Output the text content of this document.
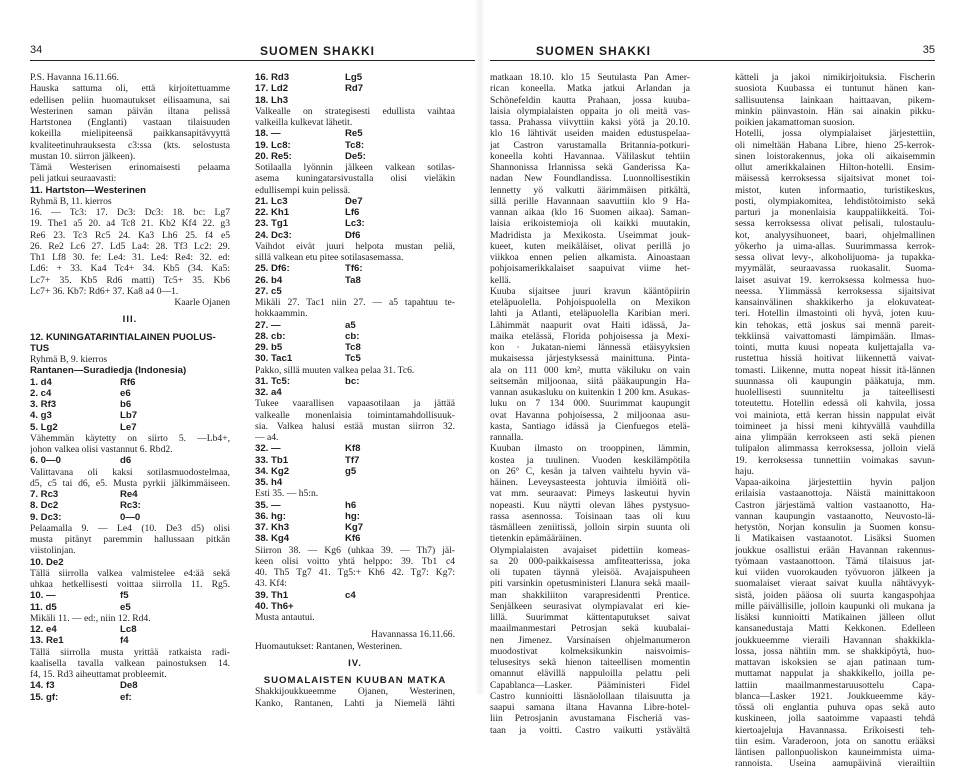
34	SUOMEN SHAKKI	SUOMEN SHAKKI	35
P.S. Havanna 16.11.66.
Hauska sattuma oli, että kirjoitettuamme
edellisen peliin huomautukset eilisaamuna, sai
Westerinen saman päivän iltana pelissä
Hartstonea (Englanti) vastaan tilaisuuden
kokeilla mielipiteensä paikkansapitävyyttä
kvaliteetinuhrauksesta c3:ssa (kts. selostusta
mustan 10. siirron jälkeen).
Tämä Westerisen erinomaisesti pelaama
peli jatkui seuraavasti:
11. Hartston—Westerinen
Ryhmä B, 11. kierros
16. — Tc3: 17. Dc3: Dc3: 18. bc: Lg7
19. The1 a5 20. a4 Tc8 21. Kb2 Kf4 22. g3
Re6 23. Tc3 Rc5 24. Ka3 Lh6 25. f4 e5
26. Re2 Lc6 27. Ld5 La4: 28. Tf3 Lc2: 29.
Th1 Lf8 30. fe: Le4: 31. Le4: Re4: 32. ed:
Ld6: + 33. Ka4 Tc4+ 34. Kb5 (34. Ka5:
Lc7+ 35. Kb5 Rd6 matti) Tc5+ 35. Kb6
Lc7+ 36. Kb7: Rd6+ 37. Ka8 a4 0—1.
Kaarle Ojanen
III.
12. KUNINGATARINTIALAINEN PUOLUS-
TUS
Ryhmä B, 9. kierros
Rantanen—Suradiedja (Indonesia)
1. d4	Rf6
2. c4	e6
3. Rf3	b6
4. g3	Lb7
5. Lg2	Le7
Vähemmän käytetty on siirto 5. —Lb4+,
johon valkea olisi vastannut 6. Rbd2.
6. 0—0	d6
Valittavana oli kaksi sotilasmuodostelmaa,
d5, c5 tai d6, e5. Musta pyrkii jälkimmäiseen.
7. Rc3	Re4
8. Dc2	Rc3:
9. Dc3:	0—0
Pelaamalla 9. — Le4 (10. De3 d5) olisi
musta pitänyt paremmin hallussaan pitkän
viistolinjan.
10. De2
Tällä siirrolla valkea valmistelee e4:ää sekä
uhkaa hetkellisesti voittaa siirrolla 11. Rg5.
10. —	f5
11. d5	e5
Mikäli 11. — ed:, niin 12. Rd4.
12. e4	Lc8
13. Re1	f4
Tällä siirrolla musta yrittää ratkaista radi-
kaalisella tavalla valkean painostuksen 14.
f4, 15. Rd3 aiheuttamat probleemit.
14. f3	De8
15. gf:	ef:
16. Rd3	Lg5
17. Ld2	Rd7
18. Lh3
Valkealle on strategisesti edullista vaihtaa
valkeilla kulkevat lähetit.
18. —	Re5
19. Lc8:	Tc8:
20. Re5:	De5:
Sotilaalla lyönnin jälkeen valkean sotilas-
asema kuningatarsivustalla olisi vieläkin
edullisempi kuin pelissä.
21. Lc3	De7
22. Kh1	Lf6
23. Tg1	Lc3:
24. Dc3:	Df6
Vaihdot eivät juuri helpota mustan peliä,
sillä valkean etu pitee sotilasasemassa.
25. Df6:	Tf6:
26. b4	Ta8
27. c5
Mikäli 27. Tac1 niin 27. — a5 tapahtuu te-
hokkaammin.
27. —	a5
28. cb:	cb:
29. b5	Tc8
30. Tac1	Tc5
Pakko, sillä muuten valkea pelaa 31. Tc6.
31. Tc5:	bc:
32. a4
Tukee vaarallisen vapaasotilaan ja jättää
valkealle monenlaisia toimintamahdollisuuk-
sia. Valkea halusi estää mustan siirron 32.
— a4.
32. —	Kf8
33. Tb1	Tf7
34. Kg2	g5
35. h4
Esti 35. — h5:n.
35. —	h6
36. hg:	hg:
37. Kh3	Kg7
38. Kg4	Kf6
Siirron 38. — Kg6 (uhkaa 39. — Th7) jäl-
keen olisi voitto yhtä helppo: 39. Tb1 c4
40. Th5 Tg7 41. Tg5:+ Kh6 42. Tg7: Kg7:
43. Kf4:
39. Th1	c4
40. Th6+
Musta antautui.
Havannassa 16.11.66.
Huomautukset: Rantanen, Westerinen.
IV.
SUOMALAISTEN KUUBAN MATKA
Shakkijoukkueemme Ojanen, Westerinen,
Kanko, Rantanen, Lahti ja Niemelä lähti
matkaan 18.10. klo 15 Seutulasta Pan Amer-
rican koneella. Matka jatkui Arlandan ja
Schönefeldin kautta Prahaan, jossa kuuba-
laisia olympialaisten oppaita jo oli meitä vas-
tassa. Prahassa viivyttiin kaksi yötä ja 20.10.
klo 16 lähtivät useiden maiden edustuspelaa-
jat Castron varustamalla Britannia-potkuri-
koneella kohti Havannaa. Välilaskut tehtiin
Shannonissa Irlannissa sekä Ganderissa Ka-
nadan New Foundlandissa. Luonnollisestikin
lennetty yö valkutti äärimmäisen pitkältä,
sillä perille Havannaan saavuttiin klo 9 Ha-
vannan aikaa (klo 16 Suomen aikaa). Saman-
laisia erikoistemioja oli kaikki muutakin,
Madridista ja Mexikosta. Useimmat jouk-
kueet, kuten meikäläiset, olivat perillä jo
viikkoa ennen pelien alkamista. Ainoastaan
pohjoisamerikkalaiset saapuivat viime het-
kellä.
Kuuba sijaitsee juuri kravun kääntöpiirin
eteläpuolella. Pohjoispuolella on Mexikon
lahti ja Atlanti, eteläpuolella Karibian meri.
Lähimmät naapurit ovat Haiti idässä, Ja-
maika etelässä, Florida pohjoisessa ja Mexi-
kon · Jukatan-niemi lännessä etäisyyksien
mukaisessa järjestyksessä mainittuna. Pinta-
ala on 111 000 km², mutta väkiluku on vain
seitsemän miljoonaa, siitä pääkaupungin Ha-
vannan asukasluku on kuitenkin 1 200 km. Asukas-
luku on 7 134 000. Suurimmat kaupungit
ovat Havanna pohjoisessa, 2 miljoonaa asu-
kasta, Santiago idässä ja Cienfuegos etelä-
rannalla.
Kuuban ilmasto on trooppinen, lämmin,
kostea ja tuulinen. Vuoden keskilämpötila
on 26° C, kesän ja talven vaihtelu hyvin vä-
häinen. Leveysasteesta johtuvia ilmiöitä oli-
vat mm. seuraavat: Pimeys laskeutui hyvin
nopeasti. Kuu näytti olevan lähes pystysuo-
rassa asennossa. Toisinaan taas oli kuu
täsmälleen zeniitissä, jolloin sirpin suunta oli
tietenkin epämääräinen.
Olympialaisten avajaiset pidettiin komeas-
sa 20 000-paikkaisessa amfiteatterissa, joka
oli tupaten täynnä yleisöä. Avajaispuheen
piti varsinkin opetusministeri Llanura sekä maail-
man shakkiliiton varapresidentti Prentice.
Senjälkeen seurasivat olympiavalat eri kie-
lillä. Suurimmat kättentaputukset saivat
maailmanmestari Petrosjan sekä kuubalai-
nen Jimenez. Varsinaisen ohjelmanumeron
muodostivat kolmeksikunkin naisvoimis-
telusesitys sekä hienon taiteellisen momentin
omannut elävillä nappuloilla pelattu peli
Capablanca—Lasker. Pääministeri Fidel
Castro kunnioitti läsnäolollaan tilaisuutta ja
saapui samana iltana Havanna Libre-hotel-
liin Petrosjanin avustamana Fischeriä vas-
taan ja voitti. Castro vaikutti ystävältä
kätteli ja jakoi nimikirjoituksia. Fischerin
suosiota Kuubassa ei tuntunut hänen kan-
sallisuutensa lainkaan haittaavan, pikem-
minkin päinvastoin. Hän sai ainakin pikku-
poikien jakamattoman suosion.
Hotelli, jossa olympialaiset järjestettiin,
oli nimeltään Habana Libre, hieno 25-kerrok-
sinen loistorakennus, joka oli aikaisemmin
ollut amerikkalainen Hilton-hotelli. Ensim-
mäisessä kerroksessa sijaitsivat monet toi-
mistot, kuten informaatio, turistikeskus,
posti, olympiakomitea, lehdistötoimisto sekä
parturi ja monenlaisia kauppaliikkeitä. Toi-
sessa kerroksessa olivat pelisali, tulostaulu-
kot, analyysihuoneet, baari, ohjelmallinen
yökerho ja uima-allas. Suurimmassa kerrok-
sessa olivat levy-, alkoholijuoma- ja tupakka-
myymälät, seuraavassa ruokasalit. Suoma-
laiset asuivat 19. kerroksessa kolmessa huo-
neessa. Ylimmässä kerroksessa sijaitsivat
kansainvälinen shakkikerho ja elokuvateat-
teri. Hotellin ilmastointi oli hyvä, joten kuu-
kin tehokas, että joskus sai mennä pareit-
tekkiinsä vaivattomasti lämpimään. Ilmas-
tointi, mutta kuusi nopeata kuljettajalla va-
rustettua hissiä hoitivat liikennettä vaivat-
tomasti. Liikenne, mutta nopeat hissit itä-lännen
suunnassa oli kaupungin pääkatuja, mm.
huolellisesti suunniteltu ja taiteellisesti
toteutettu. Hotellin edessä oli kahvila, jossa
voi mainiota, että kerran hissin nappulat eivät
toimineet ja hissi meni kihtyvällä vauhdilla
aina ylimpään kerrokseen asti sekä pienen
tulipalon alimmassa kerroksessa, jolloin vielä
19. kerroksessa tunnettiin voimakas savun-
haju.
Vapaa-aikoina järjestettiin hyvin paljon
erilaisia vastaanottoja. Näistä mainittakoon
Castron järjestämä valtion vastaanotto, Ha-
vannan kaupungin vastaanotto, Neuvosto-lä-
hetystön, Norjan konsulin ja Suomen konsu-
li Matikaisen vastaanotot. Lisäksi Suomen
joukkue osallistui erään Havannan rakennus-
työmaan vastaanottoon. Tämä tilaisuus jat-
kui viiden vuorokauden työvuoron jälkeen ja
suomalaiset vieraat saivat kuulla nähtävyyk-
sistä, joiden pääosa oli suurta kangaspohjaa
mille päivällisille, jolloin kaupunki oli mukana ja
lisäksi kunnioitti Matikainen jälleen ollut
kansanedustaja Matti Kekkonen. Edelleen
joukkueemme vieraili Havannan shakkikla-
lossa, jossa nähtiin mm. se shakkipöytä, huo-
mattavan iskoksien se ajan patinaan tum-
muttamat nappulat ja shakkikello, joilla pe-
lattiin maailmanmestaruusottelu Capa-
blanca—Lasker 1921. Joukkueemme käy-
tössä oli englantia puhuva opas sekä auto
kuskineen, jolla saatoimme vapaasti tehdä
kiertoajeluja Havannassa. Erikoisesti teh-
tiin esim. Varaderoon, jota on sanottu erääksi
läntisen pallonpuoliskon kauneimmista uima-
rannoista. Useina aamupäivinä vierailtiin
